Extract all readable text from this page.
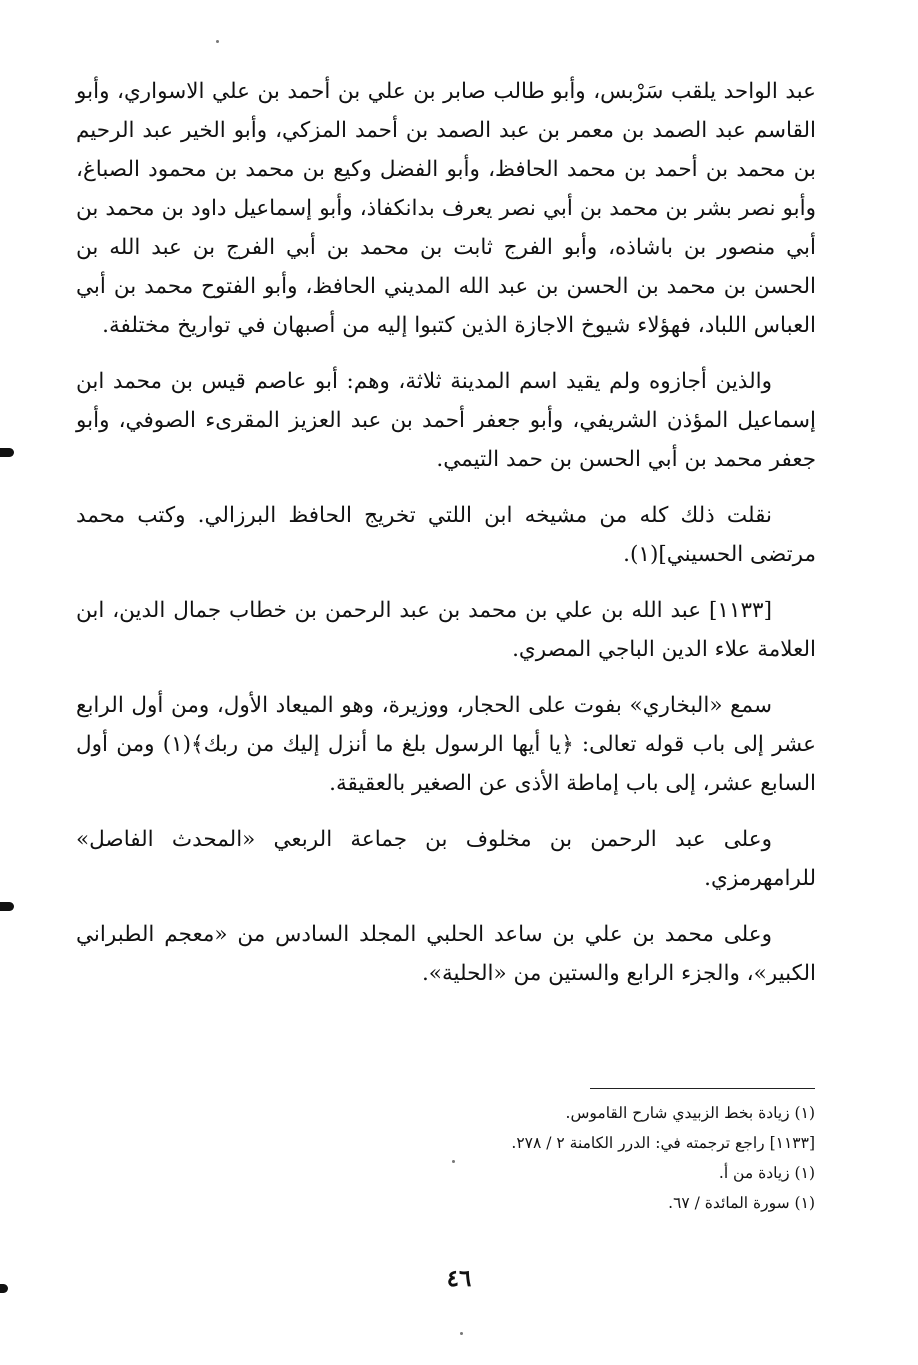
عبد الواحد يلقب سَرْبس، وأبو طالب صابر بن علي بن أحمد بن علي الاسواري، وأبو القاسم عبد الصمد بن معمر بن عبد الصمد بن أحمد المزكي، وأبو الخير عبد الرحيم بن محمد بن أحمد بن محمد الحافظ، وأبو الفضل وكيع بن محمد بن محمود الصباغ، وأبو نصر بشر بن محمد بن أبي نصر يعرف بدانكفاذ، وأبو إسماعيل داود بن محمد بن أبي منصور بن باشاذه، وأبو الفرج ثابت بن محمد بن أبي الفرج بن عبد الله بن الحسن بن محمد بن الحسن بن عبد الله المديني الحافظ، وأبو الفتوح محمد بن أبي العباس اللباد، فهؤلاء شيوخ الاجازة الذين كتبوا إليه من أصبهان في تواريخ مختلفة.

والذين أجازوه ولم يقيد اسم المدينة ثلاثة، وهم: أبو عاصم قيس بن محمد ابن إسماعيل المؤذن الشريفي، وأبو جعفر أحمد بن عبد العزيز المقرىء الصوفي، وأبو جعفر محمد بن أبي الحسن بن حمد التيمي.

نقلت ذلك كله من مشيخه ابن اللتي تخريج الحافظ البرزالي. وكتب محمد مرتضى الحسيني](١).

[١١٣٣] عبد الله بن علي بن محمد بن عبد الرحمن بن خطاب جمال الدين، ابن العلامة علاء الدين الباجي المصري.

سمع «البخاري» بفوت على الحجار، ووزيرة، وهو الميعاد الأول، ومن أول الرابع عشر إلى باب قوله تعالى: ﴿يا أيها الرسول بلغ ما أنزل إليك من ربك﴾(١) ومن أول السابع عشر، إلى باب إماطة الأذى عن الصغير بالعقيقة.

وعلى عبد الرحمن بن مخلوف بن جماعة الربعي «المحدث الفاصل» للرامهرمزي.

وعلى محمد بن علي بن ساعد الحلبي المجلد السادس من «معجم الطبراني الكبير»، والجزء الرابع والستين من «الحلية».

(١) زيادة بخط الزبيدي شارح القاموس.

[١١٣٣] راجع ترجمته في: الدرر الكامنة ٢ / ٢٧٨.

(١) زيادة من أ.

(١) سورة المائدة / ٦٧.

٤٦
